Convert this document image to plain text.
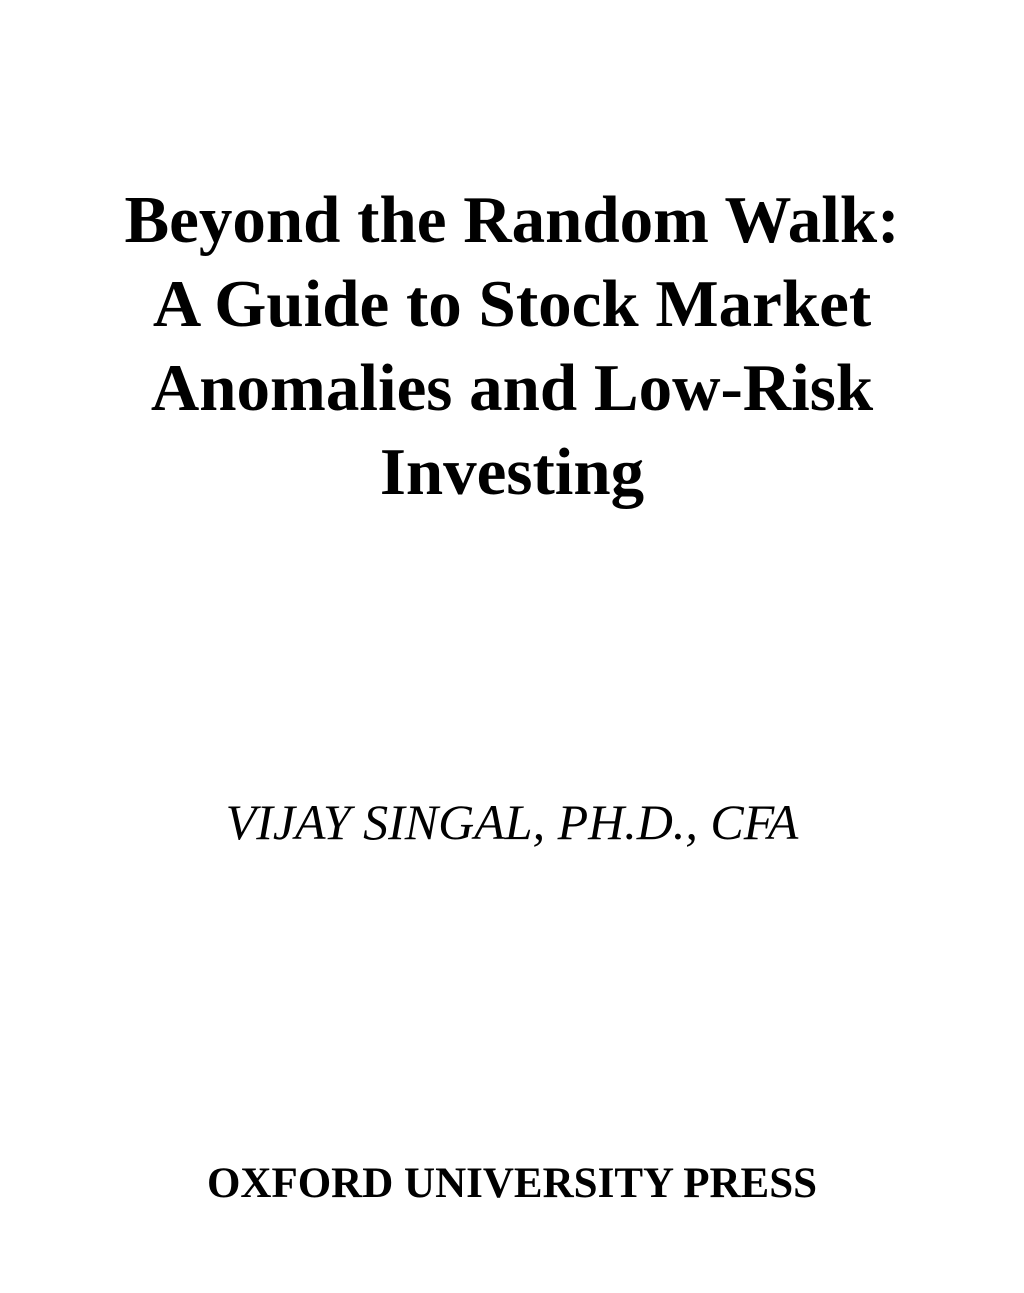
Beyond the Random Walk:
A Guide to Stock Market
Anomalies and Low-Risk
Investing
VIJAY SINGAL, PH.D., CFA
OXFORD UNIVERSITY PRESS
